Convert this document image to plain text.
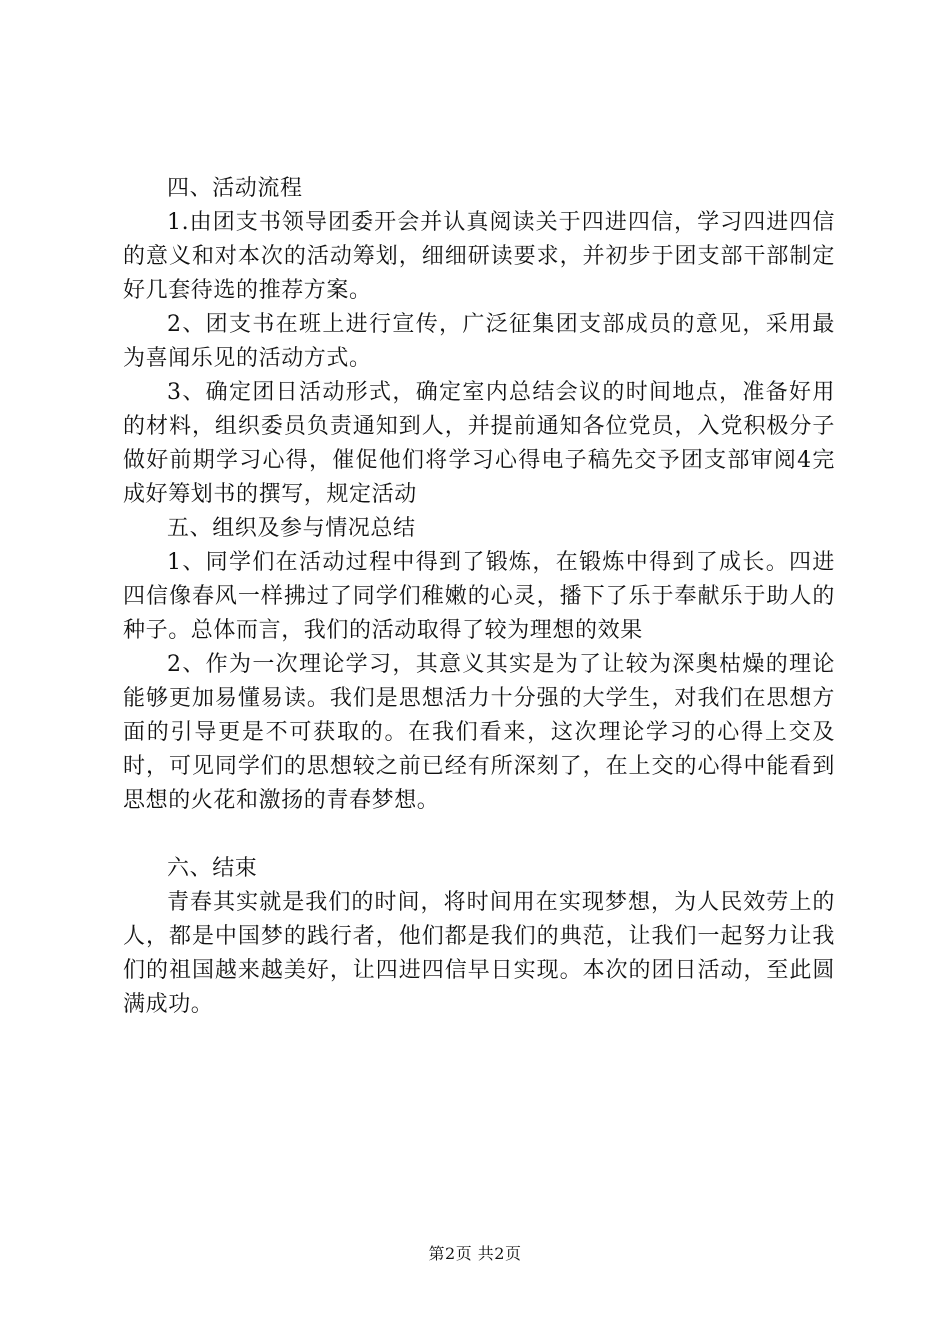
四、活动流程

1.由团支书领导团委开会并认真阅读关于四进四信，学习四进四信的意义和对本次的活动筹划，细细研读要求，并初步于团支部干部制定好几套待选的推荐方案。

2、团支书在班上进行宣传，广泛征集团支部成员的意见，采用最为喜闻乐见的活动方式。

3、确定团日活动形式，确定室内总结会议的时间地点，准备好用的材料，组织委员负责通知到人，并提前通知各位党员，入党积极分子做好前期学习心得，催促他们将学习心得电子稿先交予团支部审阅4完成好筹划书的撰写，规定活动

五、组织及参与情况总结

1、同学们在活动过程中得到了锻炼，在锻炼中得到了成长。四进四信像春风一样拂过了同学们稚嫩的心灵，播下了乐于奉献乐于助人的种子。总体而言，我们的活动取得了较为理想的效果

2、作为一次理论学习，其意义其实是为了让较为深奥枯燥的理论能够更加易懂易读。我们是思想活力十分强的大学生，对我们在思想方面的引导更是不可获取的。在我们看来，这次理论学习的心得上交及时，可见同学们的思想较之前已经有所深刻了，在上交的心得中能看到思想的火花和激扬的青春梦想。

六、结束

青春其实就是我们的时间，将时间用在实现梦想，为人民效劳上的人，都是中国梦的践行者，他们都是我们的典范，让我们一起努力让我们的祖国越来越美好，让四进四信早日实现。本次的团日活动，至此圆满成功。

第2页 共2页
